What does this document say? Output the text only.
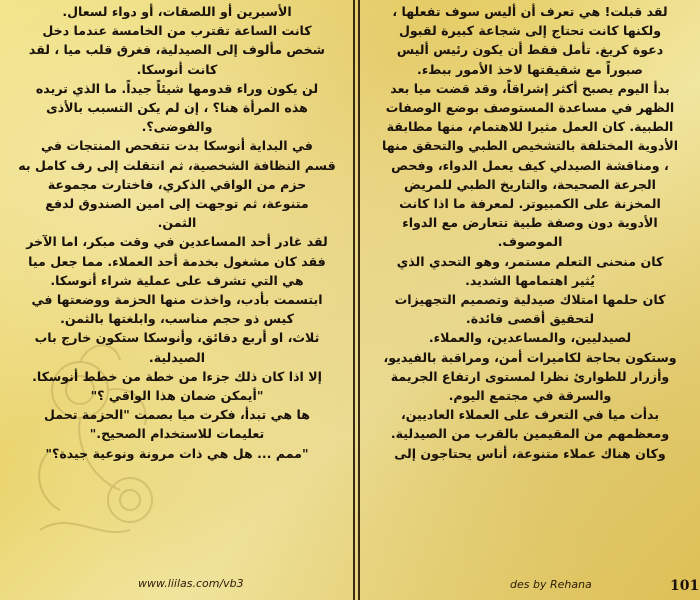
الأسبرين أو اللصقات، أو دواء لسعال.

كانت الساعة تقترب من الخامسة عندما دخل

شخص مألوف إلى الصيدلية، فغرق قلب ميا ، لقد

كانت أنوسكا.

لن يكون وراء قدومها شيئاً جيداً. ما الذي تريده

هذه المرأة هنا؟ ، إن لم يكن التسبب بالأذى

والفوضى؟.

في البداية أنوسكا بدت تتفحص المنتجات في

قسم النظافة الشخصية، ثم انتقلت إلى رف كامل به

حزم من الواقي الذكري، فاختارت مجموعة

متنوعة، ثم توجهت إلى امين الصندوق لدفع

الثمن.

لقد غادر أحد المساعدين في وقت مبكر، اما الآخر

فقد كان مشغول بخدمة أحد العملاء. مما جعل ميا

هي التي تشرف على عملية شراء أنوسكا.

ابتسمت بأدب، واخذت منها الحزمة ووضعتها في

كيس ذو حجم مناسب، وابلغتها بالثمن.

ثلاث، او أربع دقائق، وأنوسكا ستكون خارج باب

الصيدلية.

إلا اذا كان ذلك جزءا من خطة من خطط أنوسكا.

"أيمكن ضمان هذا الواقي ؟"

ها هي تبدأ، فكرت ميا بصمت "الحزمة تحمل

تعليمات للاستخدام الصحيح."

"ممم ... هل هي ذات مرونة ونوعية جيدة؟"

لقد قبلت! هي تعرف أن أليس سوف تفعلها ،

ولكنها كانت تحتاج إلى شجاعة كبيرة لقبول

دعوة كريغ. تأمل فقط أن يكون رئيس أليس

صبوراً مع شقيقتها لاخذ الأمور ببطء.

بدأ اليوم يصبح أكثر إشراقاً، وقد قضت ميا بعد

الظهر في مساعدة المستوصف بوضع الوصفات

الطبية. كان العمل مثيرا للاهتمام، منها مطابقة

الأدوية المختلفة بالتشخيص الطبي والتحقق منها

، ومناقشة الصيدلي كيف يعمل الدواء، وفحص

الجرعة الصحيحة، والتاريخ الطبي للمريض

المخزنة على الكمبيوتر. لمعرفة ما اذا كانت

الأدوية دون وصفة طبية تتعارض مع الدواء

الموصوف.

كان منحنى التعلم مستمر، وهو التحدي الذي

يُثير اهتمامها الشديد.

كان حلمها امتلاك صيدلية وتصميم التجهيزات

لتحقيق أقصى فائدة.

لصيدليين، والمساعدين، والعملاء.

وستكون بحاجة لكاميرات أمن، ومراقبة بالفيديو،

وأزرار للطوارئ نظرا لمستوى ارتفاع الجريمة

والسرقة في مجتمع اليوم.

بدأت ميا في التعرف على العملاء العاديين،

ومعظمهم من المقيمين بالقرب من الصيدلية.

وكان هناك عملاء متنوعة، أناس يحتاجون إلى

www.liilas.com/vb3	des by Rehana	101
